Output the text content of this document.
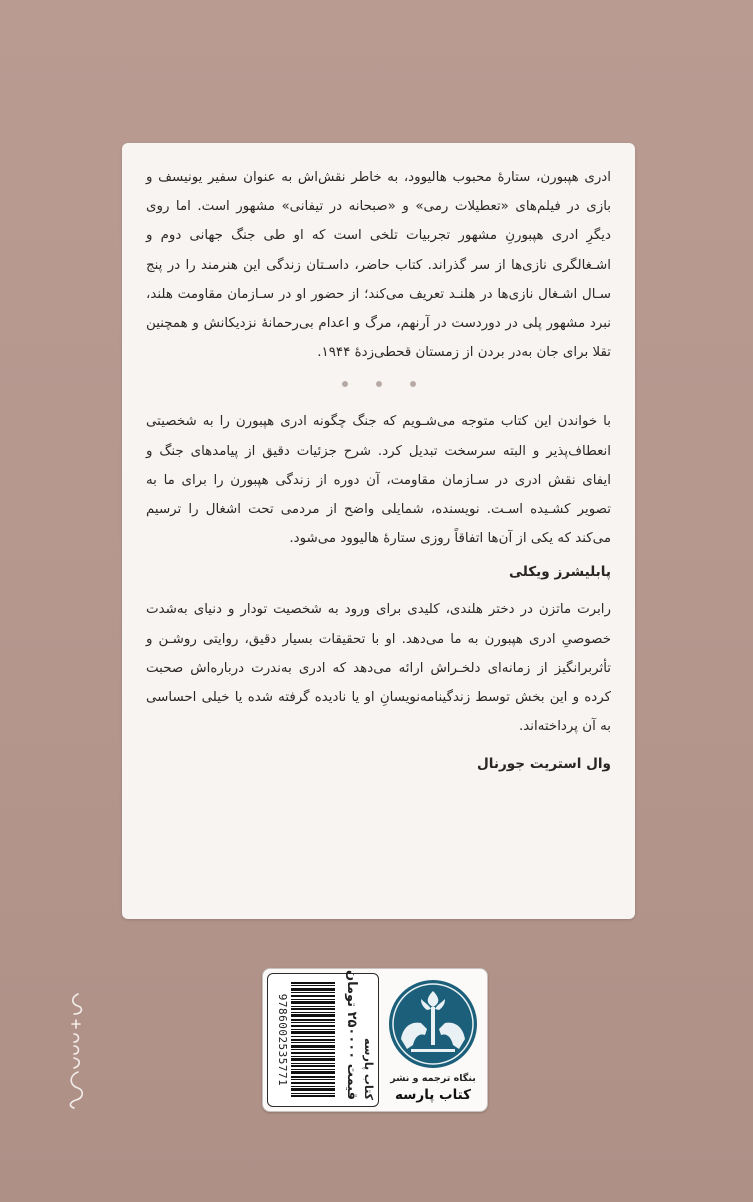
ادری هپبورن، ستارهٔ محبوب هالیوود، به خاطر نقش‌اش به عنوان سفیر یونیسف و بازی در فیلم‌های «تعطیلات رمی» و «صبحانه در تیفانی» مشهور است. اما روی دیگرِ ادری هپبورنِ مشهور تجربیات تلخی است که او طی جنگ جهانی دوم و اشـغالگری نازی‌ها از سر گذراند. کتاب حاضر، داسـتان زندگی این هنرمند را در پنج سـال اشـغال نازی‌ها در هلنـد تعریف می‌کند؛ از حضور او در سـازمان مقاومت هلند، نبرد مشهور پلی در دوردست در آرنهم، مرگ و اعدام بی‌رحمانهٔ نزدیکانش و همچنین تقلا برای جان به‌در بردن از زمستان قحطی‌زدهٔ ۱۹۴۴.

با خواندن این کتاب متوجه می‌شـویم که جنگ چگونه ادری هپبورن را به شخصیتی انعطاف‌پذیر و البته سرسخت تبدیل کرد. شرح جزئیات دقیق از پیامدهای جنگ و ایفای نقش ادری در سـازمان مقاومت، آن دوره از زندگی هپبورن را برای ما به تصویر کشـیده اسـت. نویسنده، شمایلی واضح از مردمی تحت اشغال را ترسیم می‌کند که یکی از آن‌ها اتفاقاً روزی ستارهٔ هالیوود می‌شود.

پابلیشرز ویکلی

رابرت ماتزن در دختر هلندی، کلیدی برای ورود به شخصیت تودار و دنیای به‌شدت خصوصیِ ادری هپبورن به ما می‌دهد. او با تحقیقات بسیار دقیق، روایتی روشـن و تأثربرانگیز از زمانه‌ای دلخـراش ارائه می‌دهد که ادری به‌ندرت درباره‌اش صحبت کرده و این بخش توسط زندگینامه‌نویسانِ او یا نادیده گرفته شده یا خیلی احساسی به آن پرداخته‌اند.

وال استریت جورنال
کتاب پارسه
قیمت ۲۵۰۰۰۰ تومان
9786002535771	بنگاه ترجمه و نشر
کتاب پارسه
